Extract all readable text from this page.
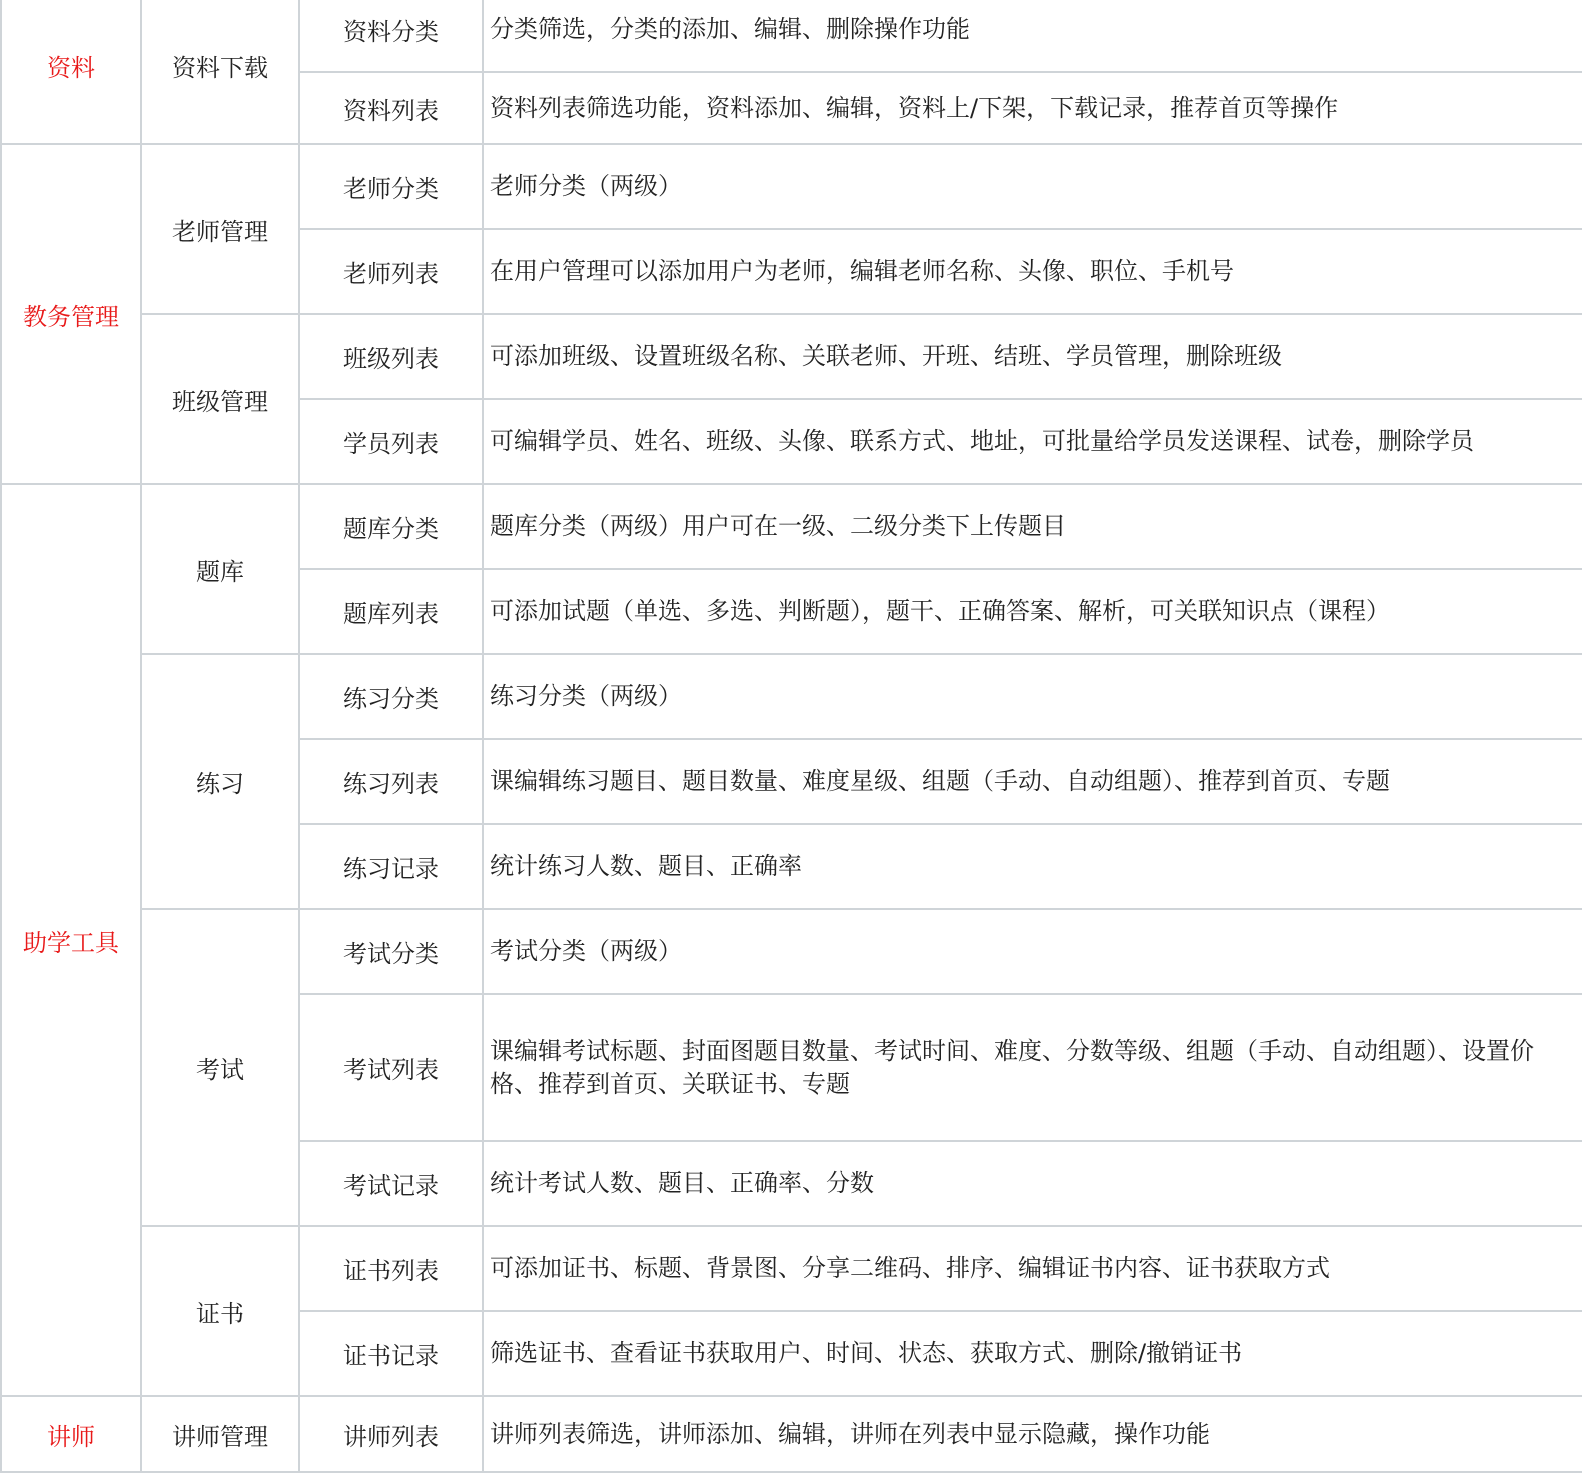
资料	资料下载	资料分类	分类筛选，分类的添加、编辑、删除操作功能
		资料列表	资料列表筛选功能，资料添加、编辑，资料上/下架，下载记录，推荐首页等操作
教务管理	老师管理	老师分类	老师分类（两级）
		老师列表	在用户管理可以添加用户为老师，编辑老师名称、头像、职位、手机号
	班级管理	班级列表	可添加班级、设置班级名称、关联老师、开班、结班、学员管理，删除班级
		学员列表	可编辑学员、姓名、班级、头像、联系方式、地址，可批量给学员发送课程、试卷，删除学员
助学工具	题库	题库分类	题库分类（两级）用户可在一级、二级分类下上传题目
		题库列表	可添加试题（单选、多选、判断题），题干、正确答案、解析，可关联知识点（课程）
	练习	练习分类	练习分类（两级）
		练习列表	课编辑练习题目、题目数量、难度星级、组题（手动、自动组题）、推荐到首页、专题
		练习记录	统计练习人数、题目、正确率
	考试	考试分类	考试分类（两级）
		考试列表	课编辑考试标题、封面图题目数量、考试时间、难度、分数等级、组题（手动、自动组题）、设置价格、推荐到首页、关联证书、专题
		考试记录	统计考试人数、题目、正确率、分数
	证书	证书列表	可添加证书、标题、背景图、分享二维码、排序、编辑证书内容、证书获取方式
		证书记录	筛选证书、查看证书获取用户、时间、状态、获取方式、删除/撤销证书
讲师	讲师管理	讲师列表	讲师列表筛选，讲师添加、编辑，讲师在列表中显示隐藏，操作功能
